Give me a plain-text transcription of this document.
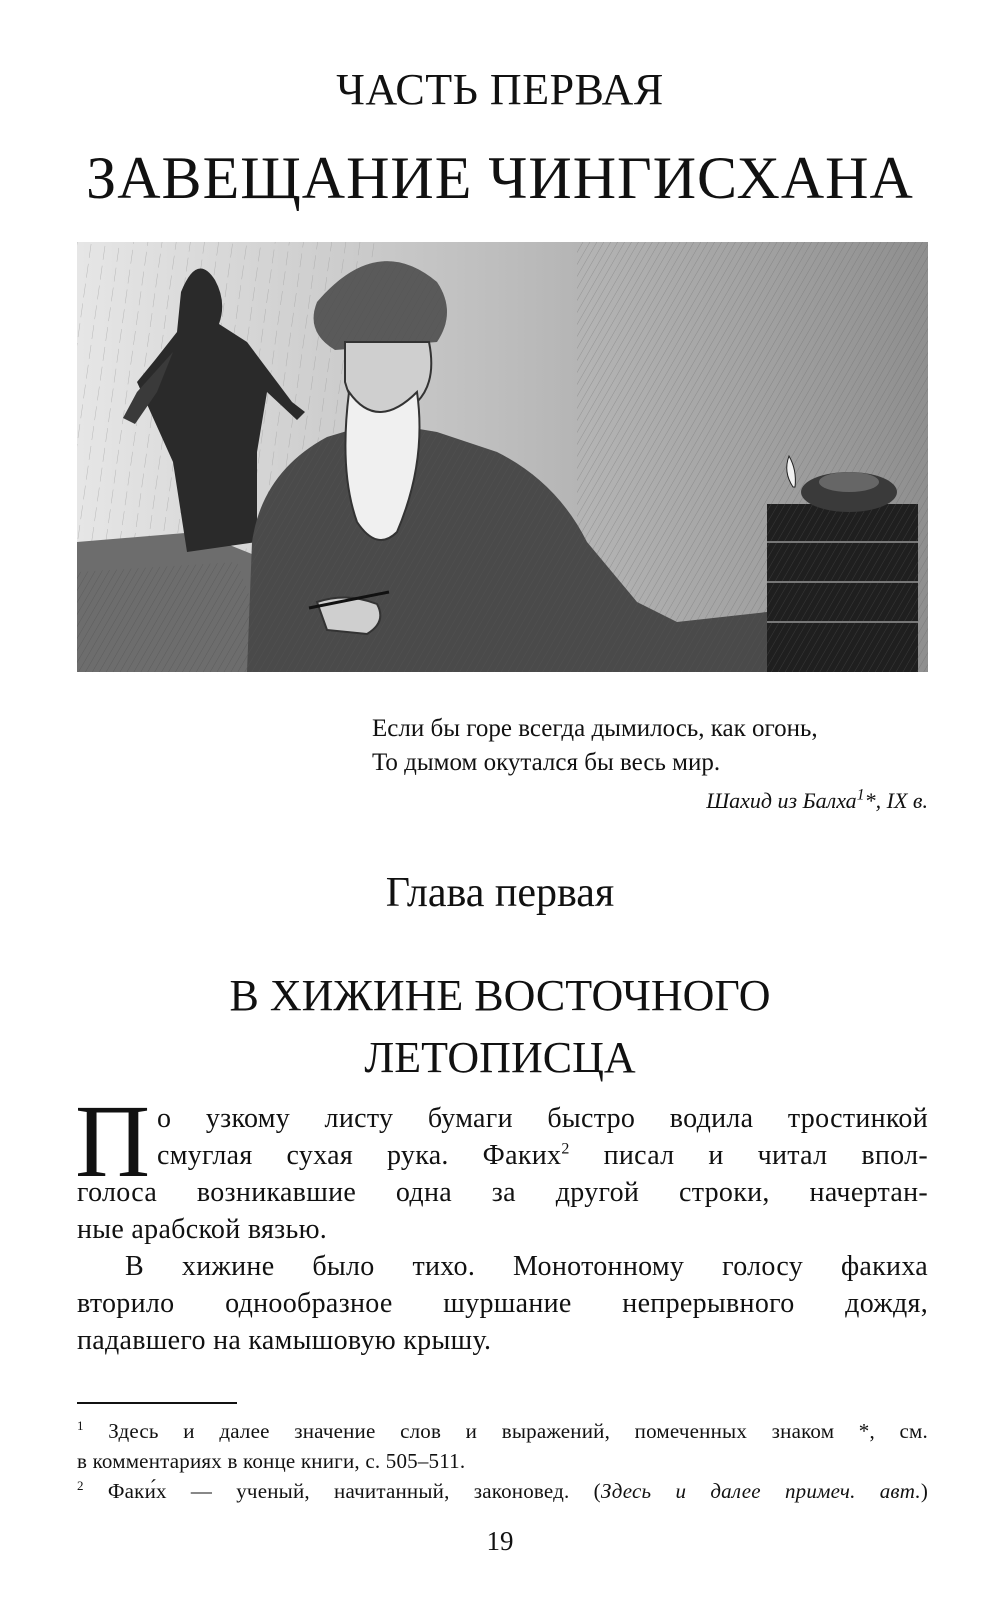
ЧАСТЬ ПЕРВАЯ
ЗАВЕЩАНИЕ ЧИНГИСХАНА
Если бы горе всегда дымилось, как огонь,
То дымом окутался бы весь мир.
Шахид из Балха$^1$*, IX в.
Глава первая
В ХИЖИНЕ ВОСТОЧНОГО
ЛЕТОПИСЦА
П о узкому листу бумаги быстро водила тростинкой
смуглая сухая рука. Факих$^2$ писал и читал впол-
голоса возникавшие одна за другой строки, начертан-
ные арабской вязью.
В хижине было тихо. Монотонному голосу факиха
вторило однообразное шуршание непрерывного дождя,
падавшего на камышовую крышу.
$^1$ Здесь и далее значение слов и выражений, помеченных знаком *, см.
в комментариях в конце книги, с. 505–511.
$^2$ Факи́х — ученый, начитанный, законовед. (Здесь и далее примеч. авт.)
19
